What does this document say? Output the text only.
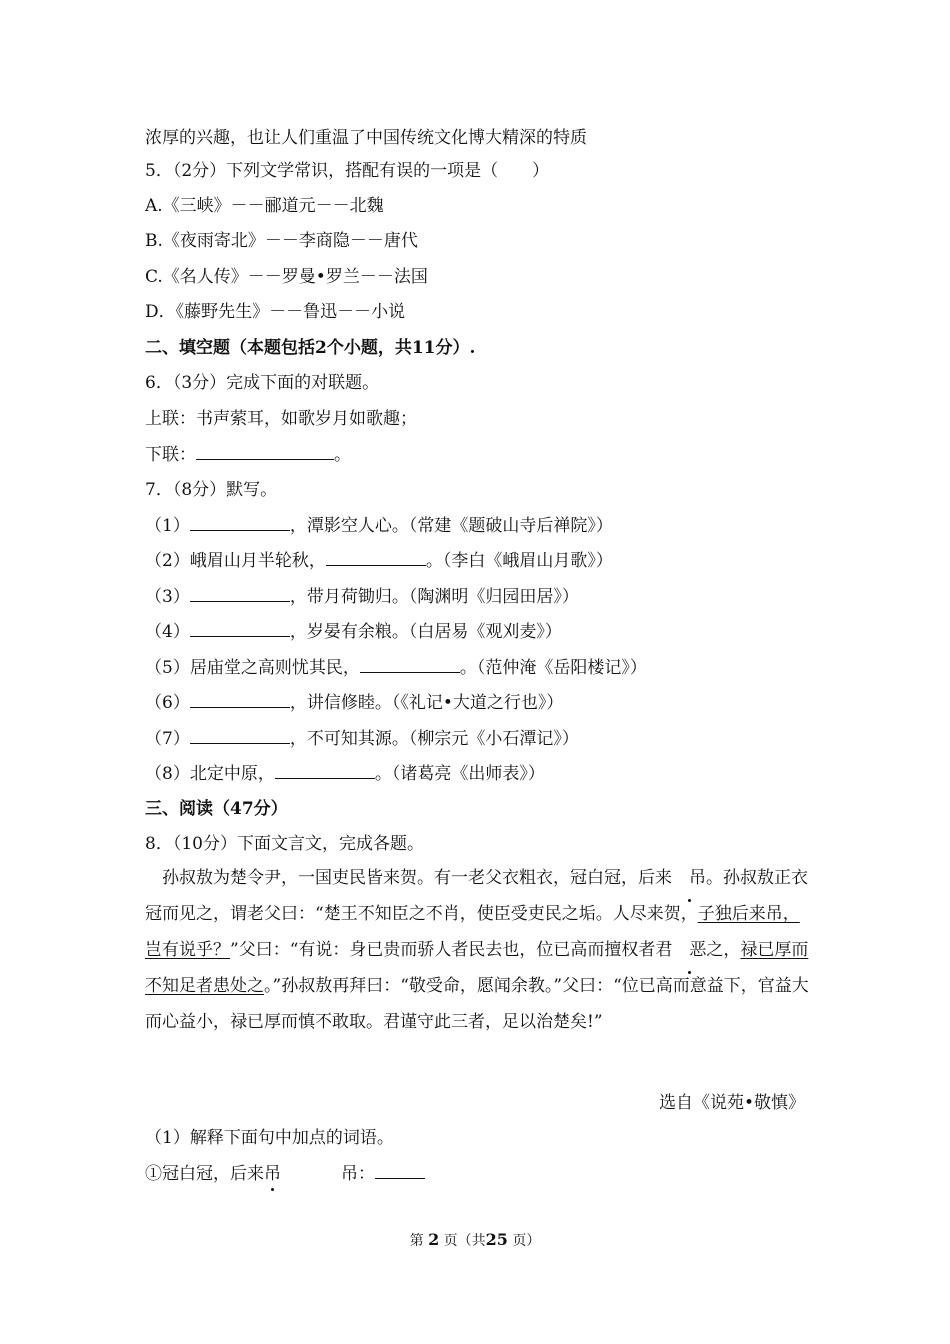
浓厚的兴趣，也让人们重温了中国传统文化博大精深的特质
5．（2分）下列文学常识，搭配有误的一项是（　　）
A.《三峡》－－郦道元－－北魏
B.《夜雨寄北》－－李商隐－－唐代
C.《名人传》－－罗曼•罗兰－－法国
D．《藤野先生》－－鲁迅－－小说
二、填空题（本题包括2个小题，共11分）.
6．（3分）完成下面的对联题。
上联：书声萦耳，如歌岁月如歌趣；
下联：	。
7．（8分）默写。
（1）	，潭影空人心。（常建《题破山寺后禅院》）
（2）峨眉山月半轮秋，	。（李白《峨眉山月歌》）
（3）	，带月荷锄归。（陶渊明《归园田居》）
（4）	，岁晏有余粮。（白居易《观刈麦》）
（5）居庙堂之高则忧其民，	。（范仲淹《岳阳楼记》）
（6）	，讲信修睦。（《礼记•大道之行也》）
（7）	，不可知其源。（柳宗元《小石潭记》）
（8）北定中原，	。（诸葛亮《出师表》）
三、阅读（47分）
8．（10分）下面文言文，完成各题。
孙叔敖为楚令尹，一国吏民皆来贺。有一老父衣粗衣，冠白冠，后来 吊。孙叔敖正衣冠而见之，谓老父曰：“楚王不知臣之不肖，使臣受吏民之垢。人尽来贺，子独后来吊，岂有说乎？”父曰：“有说：身已贵而骄人者民去也，位已高而擅权者君 恶之，禄已厚而不知足者患处之。”孙叔敖再拜曰：“敬受命，愿闻余教。”父曰：“位已高而意益下，官益大而心益小，禄已厚而慎不敢取。君谨守此三者，足以治楚矣!”
选自《说苑•敬慎》
（1）解释下面句中加点的词语。
①冠白冠，后来吊	吊：
第 2 页（共25 页）
